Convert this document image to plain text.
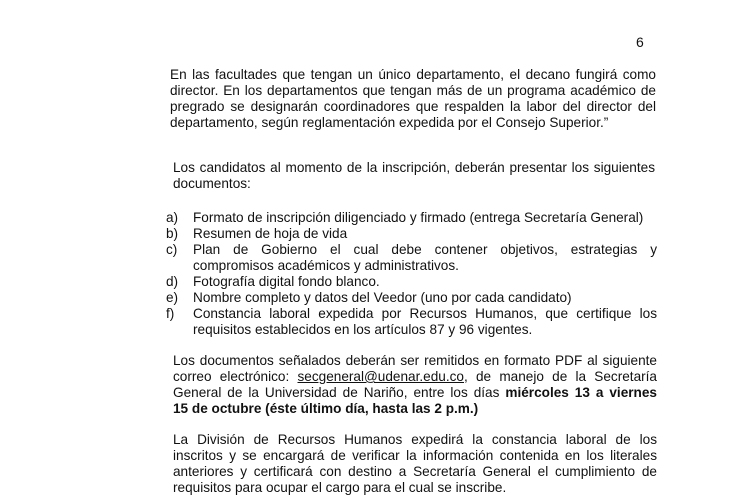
6
En las facultades que tengan un único departamento, el decano fungirá como
director. En los departamentos que tengan más de un programa académico de
pregrado se designarán coordinadores que respalden la labor del director del
departamento, según reglamentación expedida por el Consejo Superior.”
Los candidatos al momento de la inscripción, deberán presentar los siguientes
documentos:
a) Formato de inscripción diligenciado y firmado (entrega Secretaría General)
b) Resumen de hoja de vida
c) Plan de Gobierno el cual debe contener objetivos, estrategias y
compromisos académicos y administrativos.
d) Fotografía digital fondo blanco.
e) Nombre completo y datos del Veedor (uno por cada candidato)
f) Constancia laboral expedida por Recursos Humanos, que certifique los
requisitos establecidos en los artículos 87 y 96 vigentes.
Los documentos señalados deberán ser remitidos en formato PDF al siguiente
correo electrónico: secgeneral@udenar.edu.co, de manejo de la Secretaría
General de la Universidad de Nariño, entre los días miércoles 13 a viernes
15 de octubre (éste último día, hasta las 2 p.m.)
La División de Recursos Humanos expedirá la constancia laboral de los
inscritos y se encargará de verificar la información contenida en los literales
anteriores y certificará con destino a Secretaría General el cumplimiento de
requisitos para ocupar el cargo para el cual se inscribe.
